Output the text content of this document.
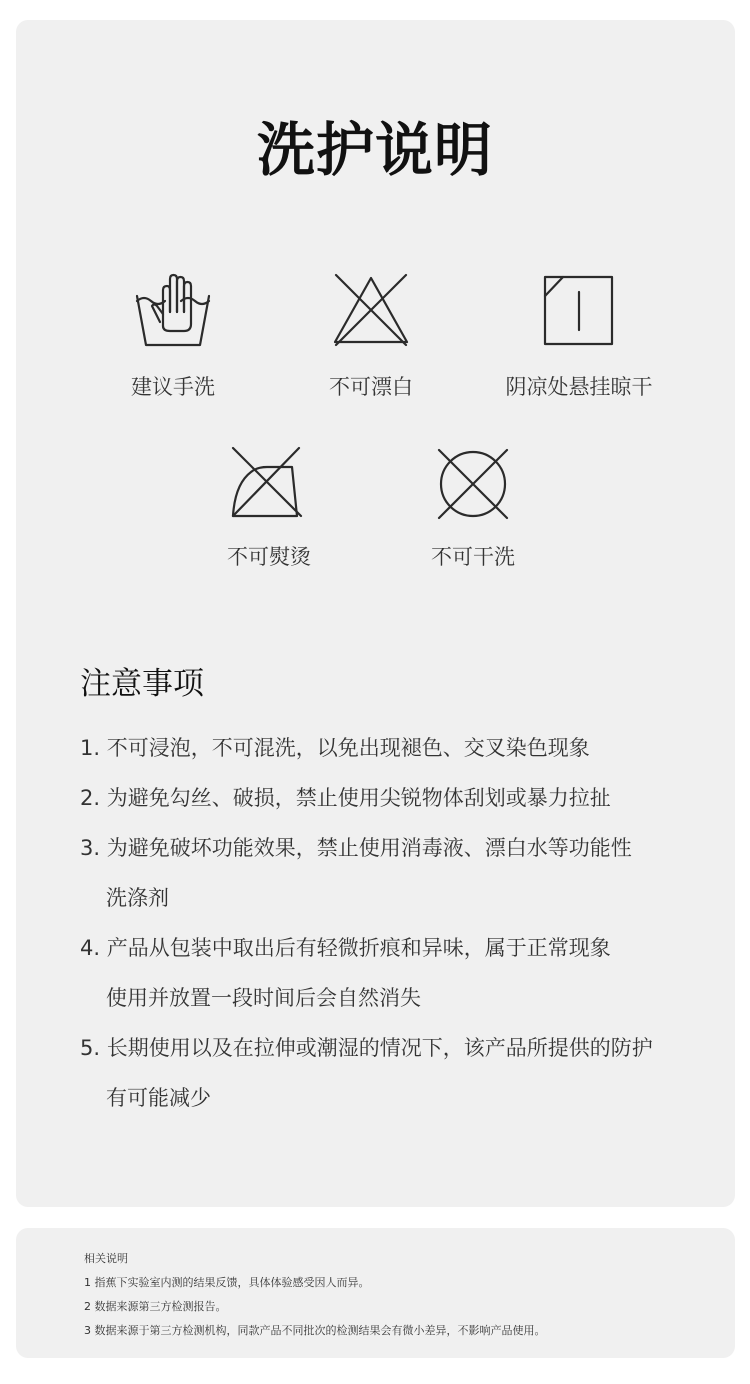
洗护说明
建议手洗	不可漂白	阴凉处悬挂晾干
不可熨烫	不可干洗
注意事项
1. 不可浸泡，不可混洗，以免出现褪色、交叉染色现象
2. 为避免勾丝、破损，禁止使用尖锐物体刮划或暴力拉扯
3. 为避免破坏功能效果，禁止使用消毒液、漂白水等功能性
洗涤剂
4. 产品从包装中取出后有轻微折痕和异味，属于正常现象
使用并放置一段时间后会自然消失
5. 长期使用以及在拉伸或潮湿的情况下，该产品所提供的防护
有可能减少
相关说明
1 指蕉下实验室内测的结果反馈，具体体验感受因人而异。
2 数据来源第三方检测报告。
3 数据来源于第三方检测机构，同款产品不同批次的检测结果会有微小差异，不影响产品使用。
